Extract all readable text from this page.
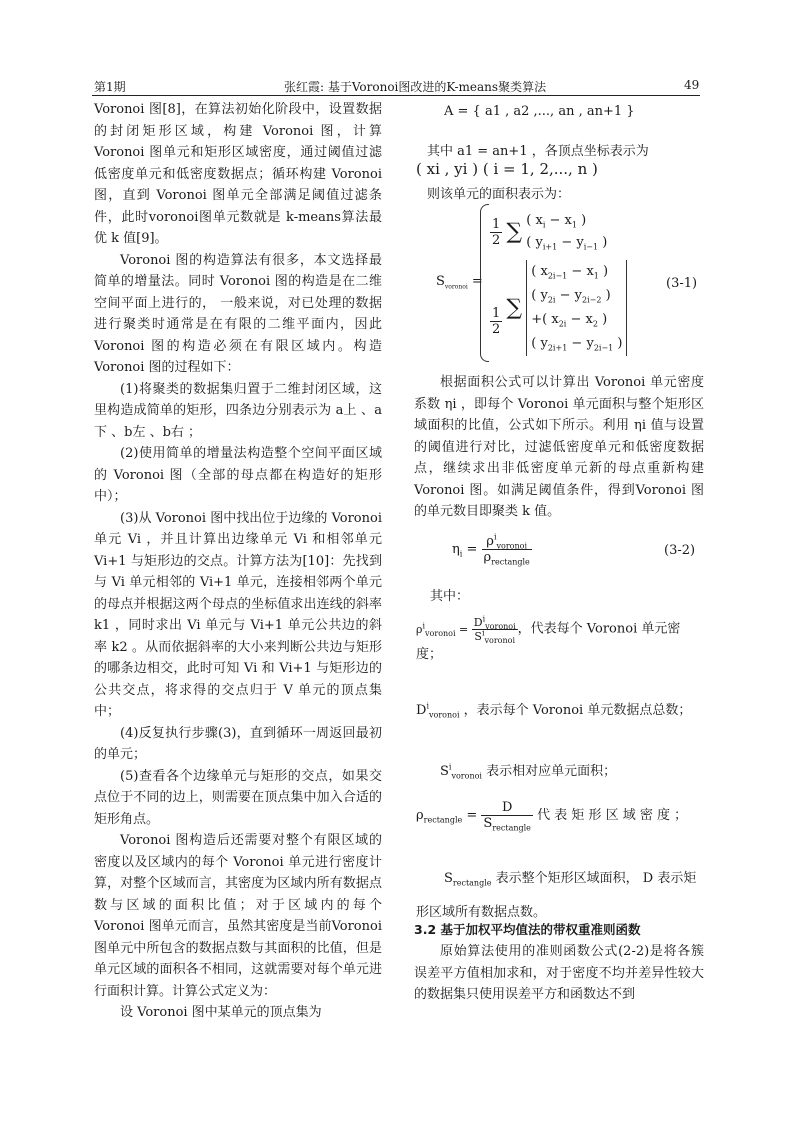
第1期	张红霞: 基于Voronoi图改进的K-means聚类算法	49

Voronoi 图[8]，在算法初始化阶段中，设置数据的封闭矩形区域，构建 Voronoi 图，计算 Voronoi 图单元和矩形区域密度，通过阈值过滤低密度单元和低密度数据点；循环构建 Voronoi 图，直到 Voronoi 图单元全部满足阈值过滤条件，此时voronoi图单元数就是 k-means算法最优 k 值[9]。

Voronoi 图的构造算法有很多，本文选择最简单的增量法。同时 Voronoi 图的构造是在二维空间平面上进行的， 一般来说，对已处理的数据进行聚类时通常是在有限的二维平面内，因此 Voronoi 图的构造必须在有限区域内。构造Voronoi 图的过程如下：

(1)将聚类的数据集归置于二维封闭区域，这里构造成简单的矩形，四条边分别表示为 a上 、a下 、b左 、b右 ；

(2)使用简单的增量法构造整个空间平面区域的 Voronoi 图（全部的母点都在构造好的矩形中）；

(3)从 Voronoi 图中找出位于边缘的 Voronoi 单元 Vi ，并且计算出边缘单元 Vi 和相邻单元 Vi+1 与矩形边的交点。计算方法为[10]：先找到与 Vi 单元相邻的 Vi+1 单元，连接相邻两个单元的母点并根据这两个母点的坐标值求出连线的斜率 k1 ，同时求出 Vi 单元与 Vi+1 单元公共边的斜率 k2 。从而依据斜率的大小来判断公共边与矩形的哪条边相交，此时可知 Vi 和 Vi+1 与矩形边的公共交点，将求得的交点归于 V 单元的顶点集中；

(4)反复执行步骤(3)，直到循环一周返回最初的单元；

(5)查看各个边缘单元与矩形的交点，如果交点位于不同的边上，则需要在顶点集中加入合适的矩形角点。

Voronoi 图构造后还需要对整个有限区域的密度以及区域内的每个 Voronoi 单元进行密度计算，对整个区域而言，其密度为区域内所有数据点数与区域的面积比值；对于区域内的每个 Voronoi 图单元而言，虽然其密度是当前Voronoi 图单元中所包含的数据点数与其面积的比值，但是单元区域的面积各不相同，这就需要对每个单元进行面积计算。计算公式定义为：

设 Voronoi 图中某单元的顶点集为

A = { a1 , a2 ,..., an , an+1 }
其中 a1 = an+1 ，各顶点坐标表示为
( xi , yi ) ( i = 1, 2,..., n )
则该单元的面积表示为：
$S_{voronoi}$ =
$\frac{1}{2}$ ∑ ( $x_i - x_1$ )
( $y_{i+1} - y_{i-1}$ )
$\frac{1}{2}$ ∑ ( $x_{2i-1} - x_1$ )
( $y_{2i} - y_{2i-2}$ )
+( $x_{2i} - x_2$ )
( $y_{2i+1} - y_{2i-1}$ )
(3-1)

根据面积公式可以计算出 Voronoi 单元密度系数 ηi ，即每个 Voronoi 单元面积与整个矩形区域面积的比值，公式如下所示。利用 ηi 值与设置的阈值进行对比，过滤低密度单元和低密度数据点，继续求出非低密度单元新的母点重新构建 Voronoi 图。如满足阈值条件，得到Voronoi 图的单元数目即聚类 k 值。

$\eta_i = \frac{\rho^i_{voronoi}}{\rho_{rectangle}}$	(3-2)
其中：
$\rho^i_{voronoi} = \frac{D^i_{voronoi}}{S^i_{voronoi}}$ ，代表每个 Voronoi 单元密度；
$D^i_{voronoi}$ ，表示每个 Voronoi 单元数据点总数；
$S^i_{voronoi}$ 表示相对应单元面积；
$\rho_{rectangle} = \frac{D}{S_{rectangle}}$ 代 表 矩 形 区 域 密 度 ；
$S_{rectangle}$ 表示整个矩形区域面积， D 表示矩形区域所有数据点数。
3.2 基于加权平均值法的带权重准则函数

原始算法使用的准则函数公式(2-2)是将各簇误差平方值相加求和，对于密度不均并差异性较大的数据集只使用误差平方和函数达不到
